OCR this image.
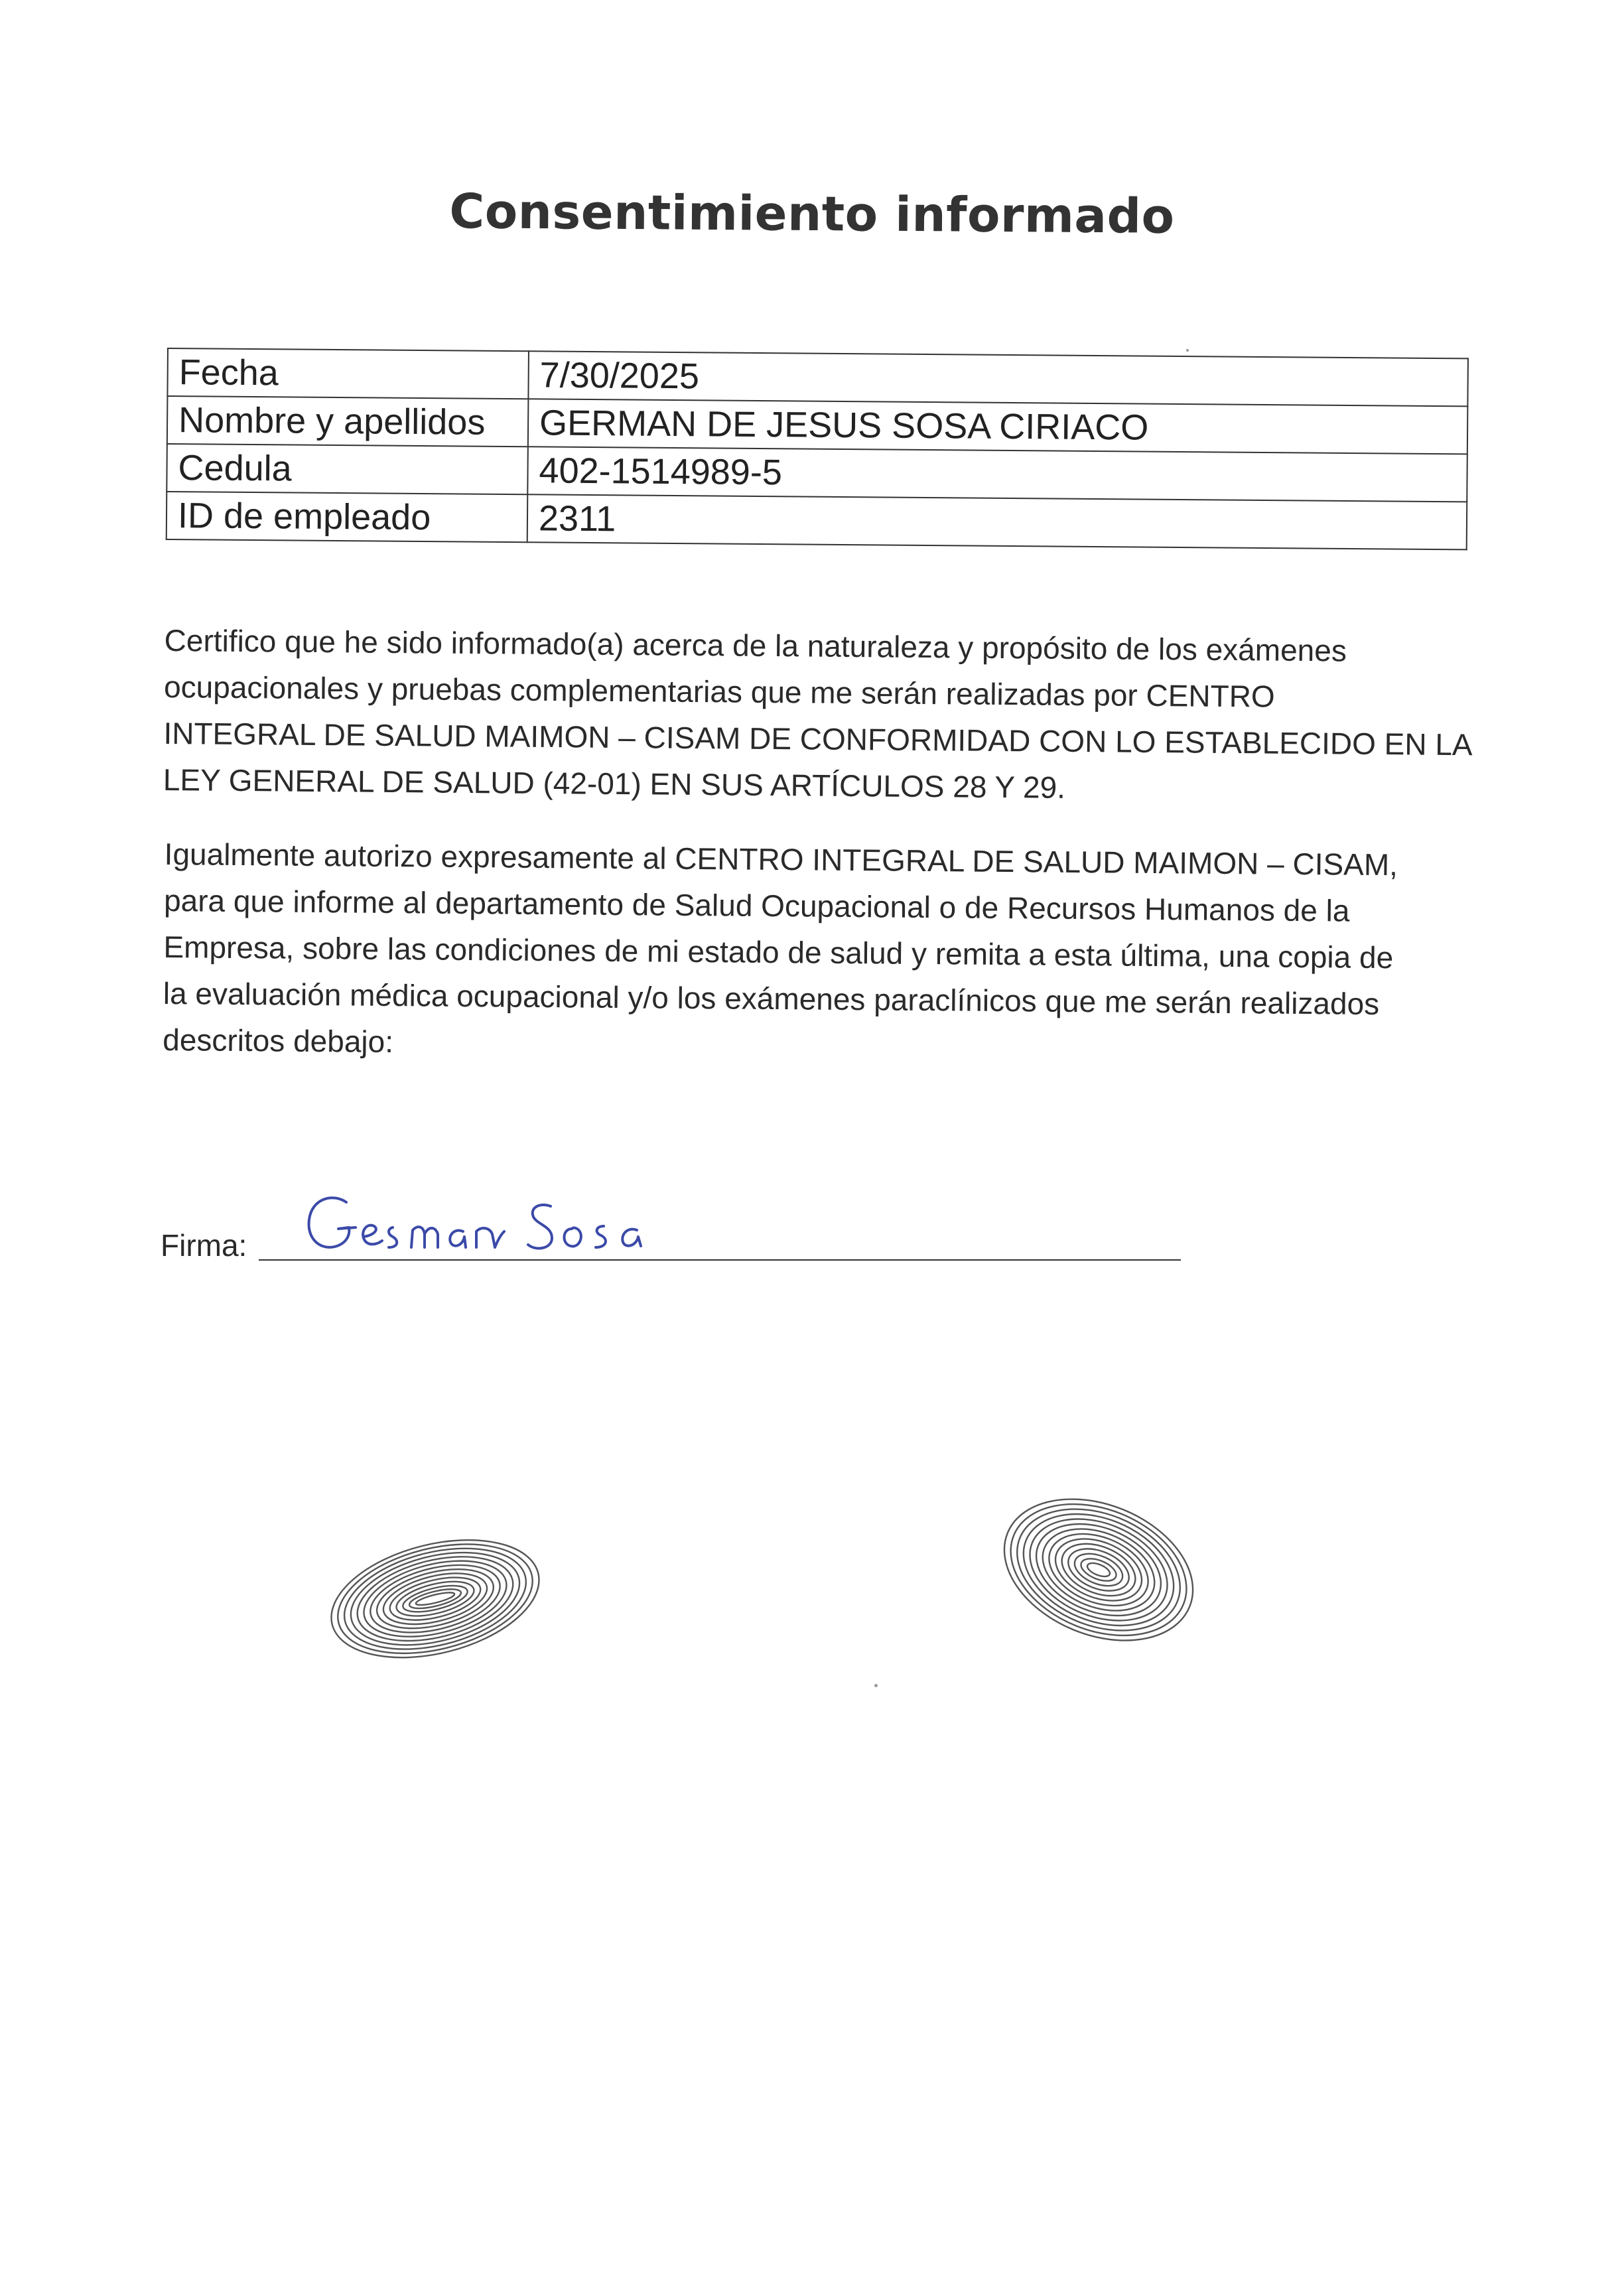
Consentimiento informado
Fecha	7/30/2025
Nombre y apellidos	GERMAN DE JESUS SOSA CIRIACO
Cedula	402-1514989-5
ID de empleado	2311
Certifico que he sido informado(a) acerca de la naturaleza y propósito de los exámenes
ocupacionales y pruebas complementarias que me serán realizadas por CENTRO
INTEGRAL DE SALUD MAIMON – CISAM DE CONFORMIDAD CON LO ESTABLECIDO EN LA
LEY GENERAL DE SALUD (42-01) EN SUS ARTÍCULOS 28 Y 29.
Igualmente autorizo expresamente al CENTRO INTEGRAL DE SALUD MAIMON – CISAM,
para que informe al departamento de Salud Ocupacional o de Recursos Humanos de la
Empresa, sobre las condiciones de mi estado de salud y remita a esta última, una copia de
la evaluación médica ocupacional y/o los exámenes paraclínicos que me serán realizados
descritos debajo:
Firma:
